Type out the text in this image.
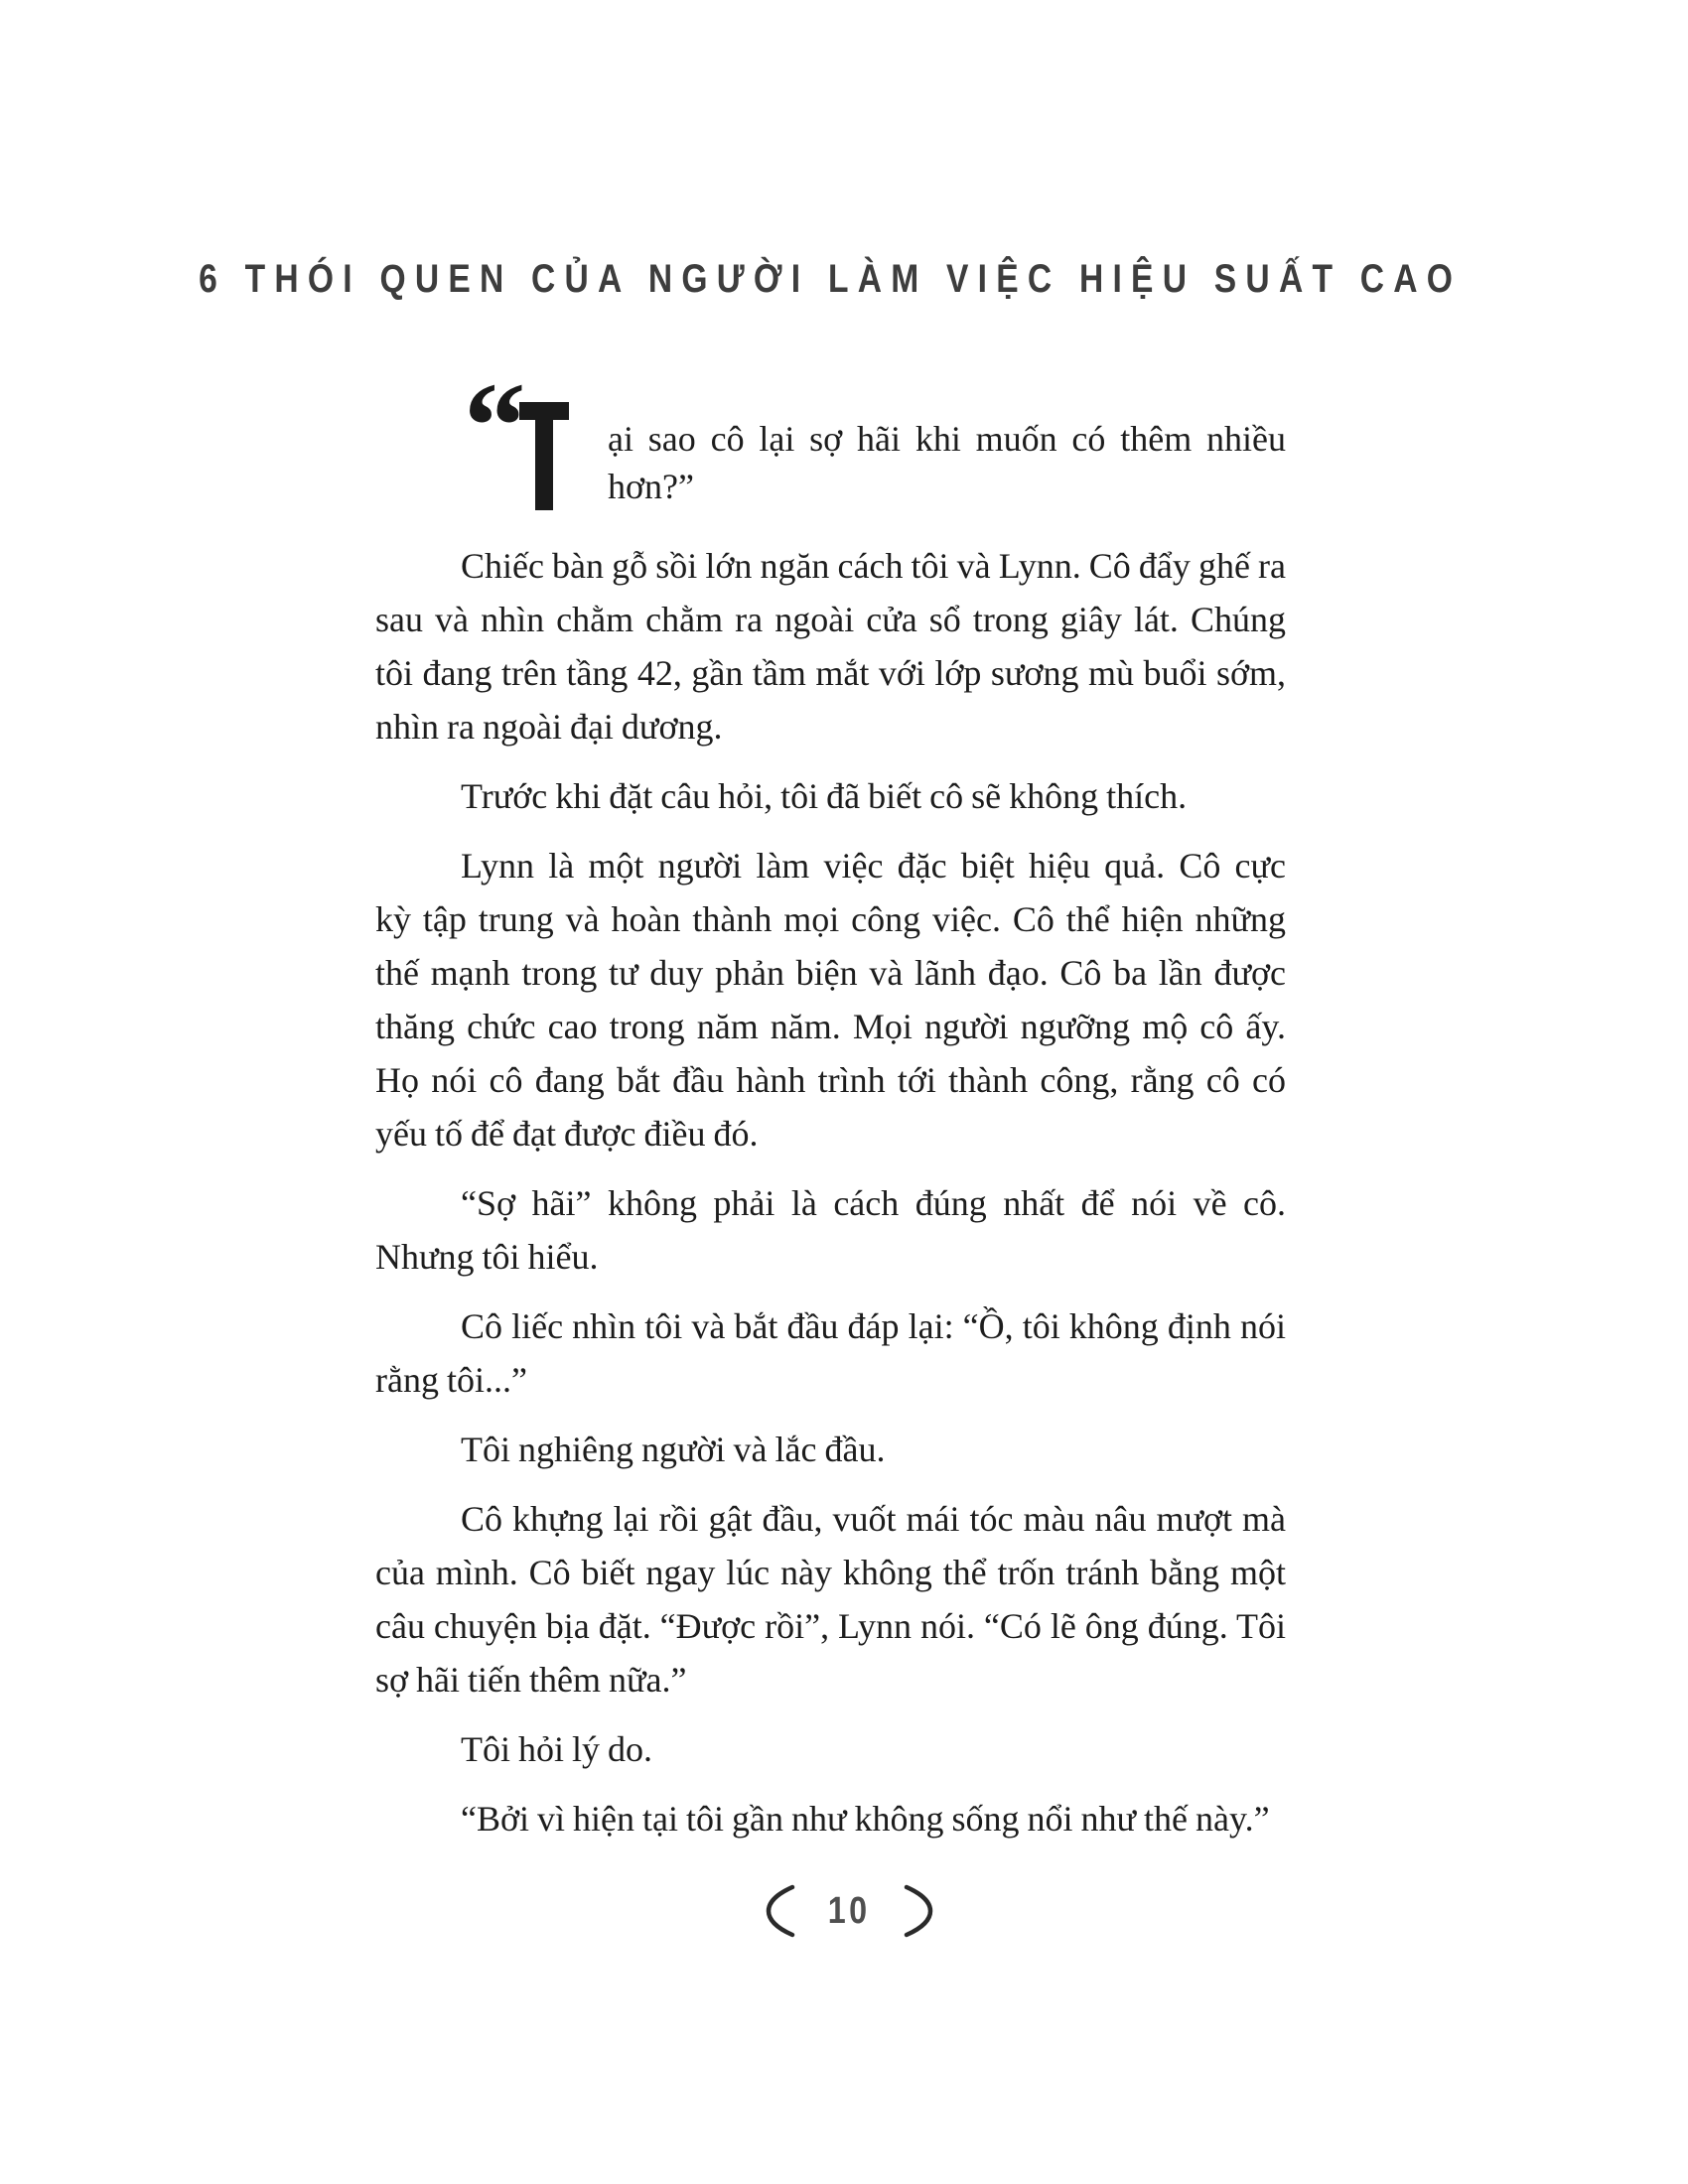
6 THÓI QUEN CỦA NGƯỜI LÀM VIỆC HIỆU SUẤT CAO
“ ại sao cô lại sợ hãi khi muốn có thêm nhiều hơn?”
Chiếc bàn gỗ sồi lớn ngăn cách tôi và Lynn. Cô đẩy ghế ra
sau và nhìn chằm chằm ra ngoài cửa sổ trong giây lát. Chúng
tôi đang trên tầng 42, gần tầm mắt với lớp sương mù buổi sớm,
nhìn ra ngoài đại dương.
Trước khi đặt câu hỏi, tôi đã biết cô sẽ không thích.
Lynn là một người làm việc đặc biệt hiệu quả. Cô cực
kỳ tập trung và hoàn thành mọi công việc. Cô thể hiện những
thế mạnh trong tư duy phản biện và lãnh đạo. Cô ba lần được
thăng chức cao trong năm năm. Mọi người ngưỡng mộ cô ấy.
Họ nói cô đang bắt đầu hành trình tới thành công, rằng cô có
yếu tố để đạt được điều đó.
“Sợ hãi” không phải là cách đúng nhất để nói về cô.
Nhưng tôi hiểu.
Cô liếc nhìn tôi và bắt đầu đáp lại: “Ồ, tôi không định nói
rằng tôi...”
Tôi nghiêng người và lắc đầu.
Cô khựng lại rồi gật đầu, vuốt mái tóc màu nâu mượt mà
của mình. Cô biết ngay lúc này không thể trốn tránh bằng một
câu chuyện bịa đặt. “Được rồi”, Lynn nói. “Có lẽ ông đúng. Tôi
sợ hãi tiến thêm nữa.”
Tôi hỏi lý do.
“Bởi vì hiện tại tôi gần như không sống nổi như thế này.”
10
